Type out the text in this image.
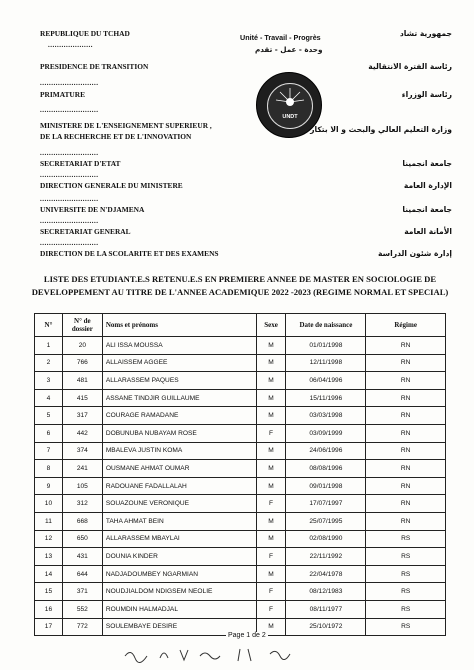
REPUBLIQUE DU TCHAD
....................
PRESIDENCE DE TRANSITION
..........................
PRIMATURE
..........................
MINISTERE DE L'ENSEIGNEMENT SUPERIEUR ,
DE LA RECHERCHE ET DE L'INNOVATION
..........................
SECRETARIAT D'ETAT
..........................
DIRECTION GENERALE DU MINISTERE
..........................
UNIVERSITE DE N'DJAMENA
..........................
SECRETARIAT GENERAL
..........................
DIRECTION DE LA SCOLARITE ET DES EXAMENS
Unité - Travail - Progrès
وحدة - عمل - تقدم
UNDT
جمهورية تشاد
رئاسة الفترة الانتقالية
رئاسة الوزراء
وزارة التعليم العالي والبحث و الا بتكار
جامعة انجمينا
الإدارة العامة
جامعة انجمينا
الأمانة العامة
إدارة شئون الدراسة
LISTE DES ETUDIANT.E.S RETENU.E.S EN PREMIERE ANNEE DE MASTER EN SOCIOLOGIE DE DEVELOPPEMENT AU TITRE DE L'ANNEE ACADEMIQUE 2022 -2023 (REGIME NORMAL ET SPECIAL)
N°	N° de dossier	Noms et prénoms	Sexe	Date de naissance	Régime
1	20	ALI ISSA MOUSSA	M	01/01/1998	RN
2	766	ALLAISSEM AGGEE	M	12/11/1998	RN
3	481	ALLARASSEM PAQUES	M	06/04/1996	RN
4	415	ASSANE TINDJIR GUILLAUME	M	15/11/1996	RN
5	317	COURAGE RAMADANE	M	03/03/1998	RN
6	442	DOBUNUBA NUBAYAM ROSE	F	03/09/1999	RN
7	374	MBALEVA JUSTIN KOMA	M	24/06/1996	RN
8	241	OUSMANE AHMAT OUMAR	M	08/08/1996	RN
9	105	RADOUANE FADALLALAH	M	09/01/1998	RN
10	312	SOUAZOUNE VERONIQUE	F	17/07/1997	RN
11	668	TAHA AHMAT BEIN	M	25/07/1995	RN
12	650	ALLARASSEM MBAYLAI	M	02/08/1990	RS
13	431	DOUNIA KINDER	F	22/11/1992	RS
14	644	NADJADOUMBEY NGARMIAN	M	22/04/1978	RS
15	371	NOUDJIALDOM NDIGSEM NEOLIE	F	08/12/1983	RS
16	552	ROUMDIN HALMADJAL	F	08/11/1977	RS
17	772	SOULEMBAYE DESIRE	M	25/10/1972	RS
Page 1 de 2
